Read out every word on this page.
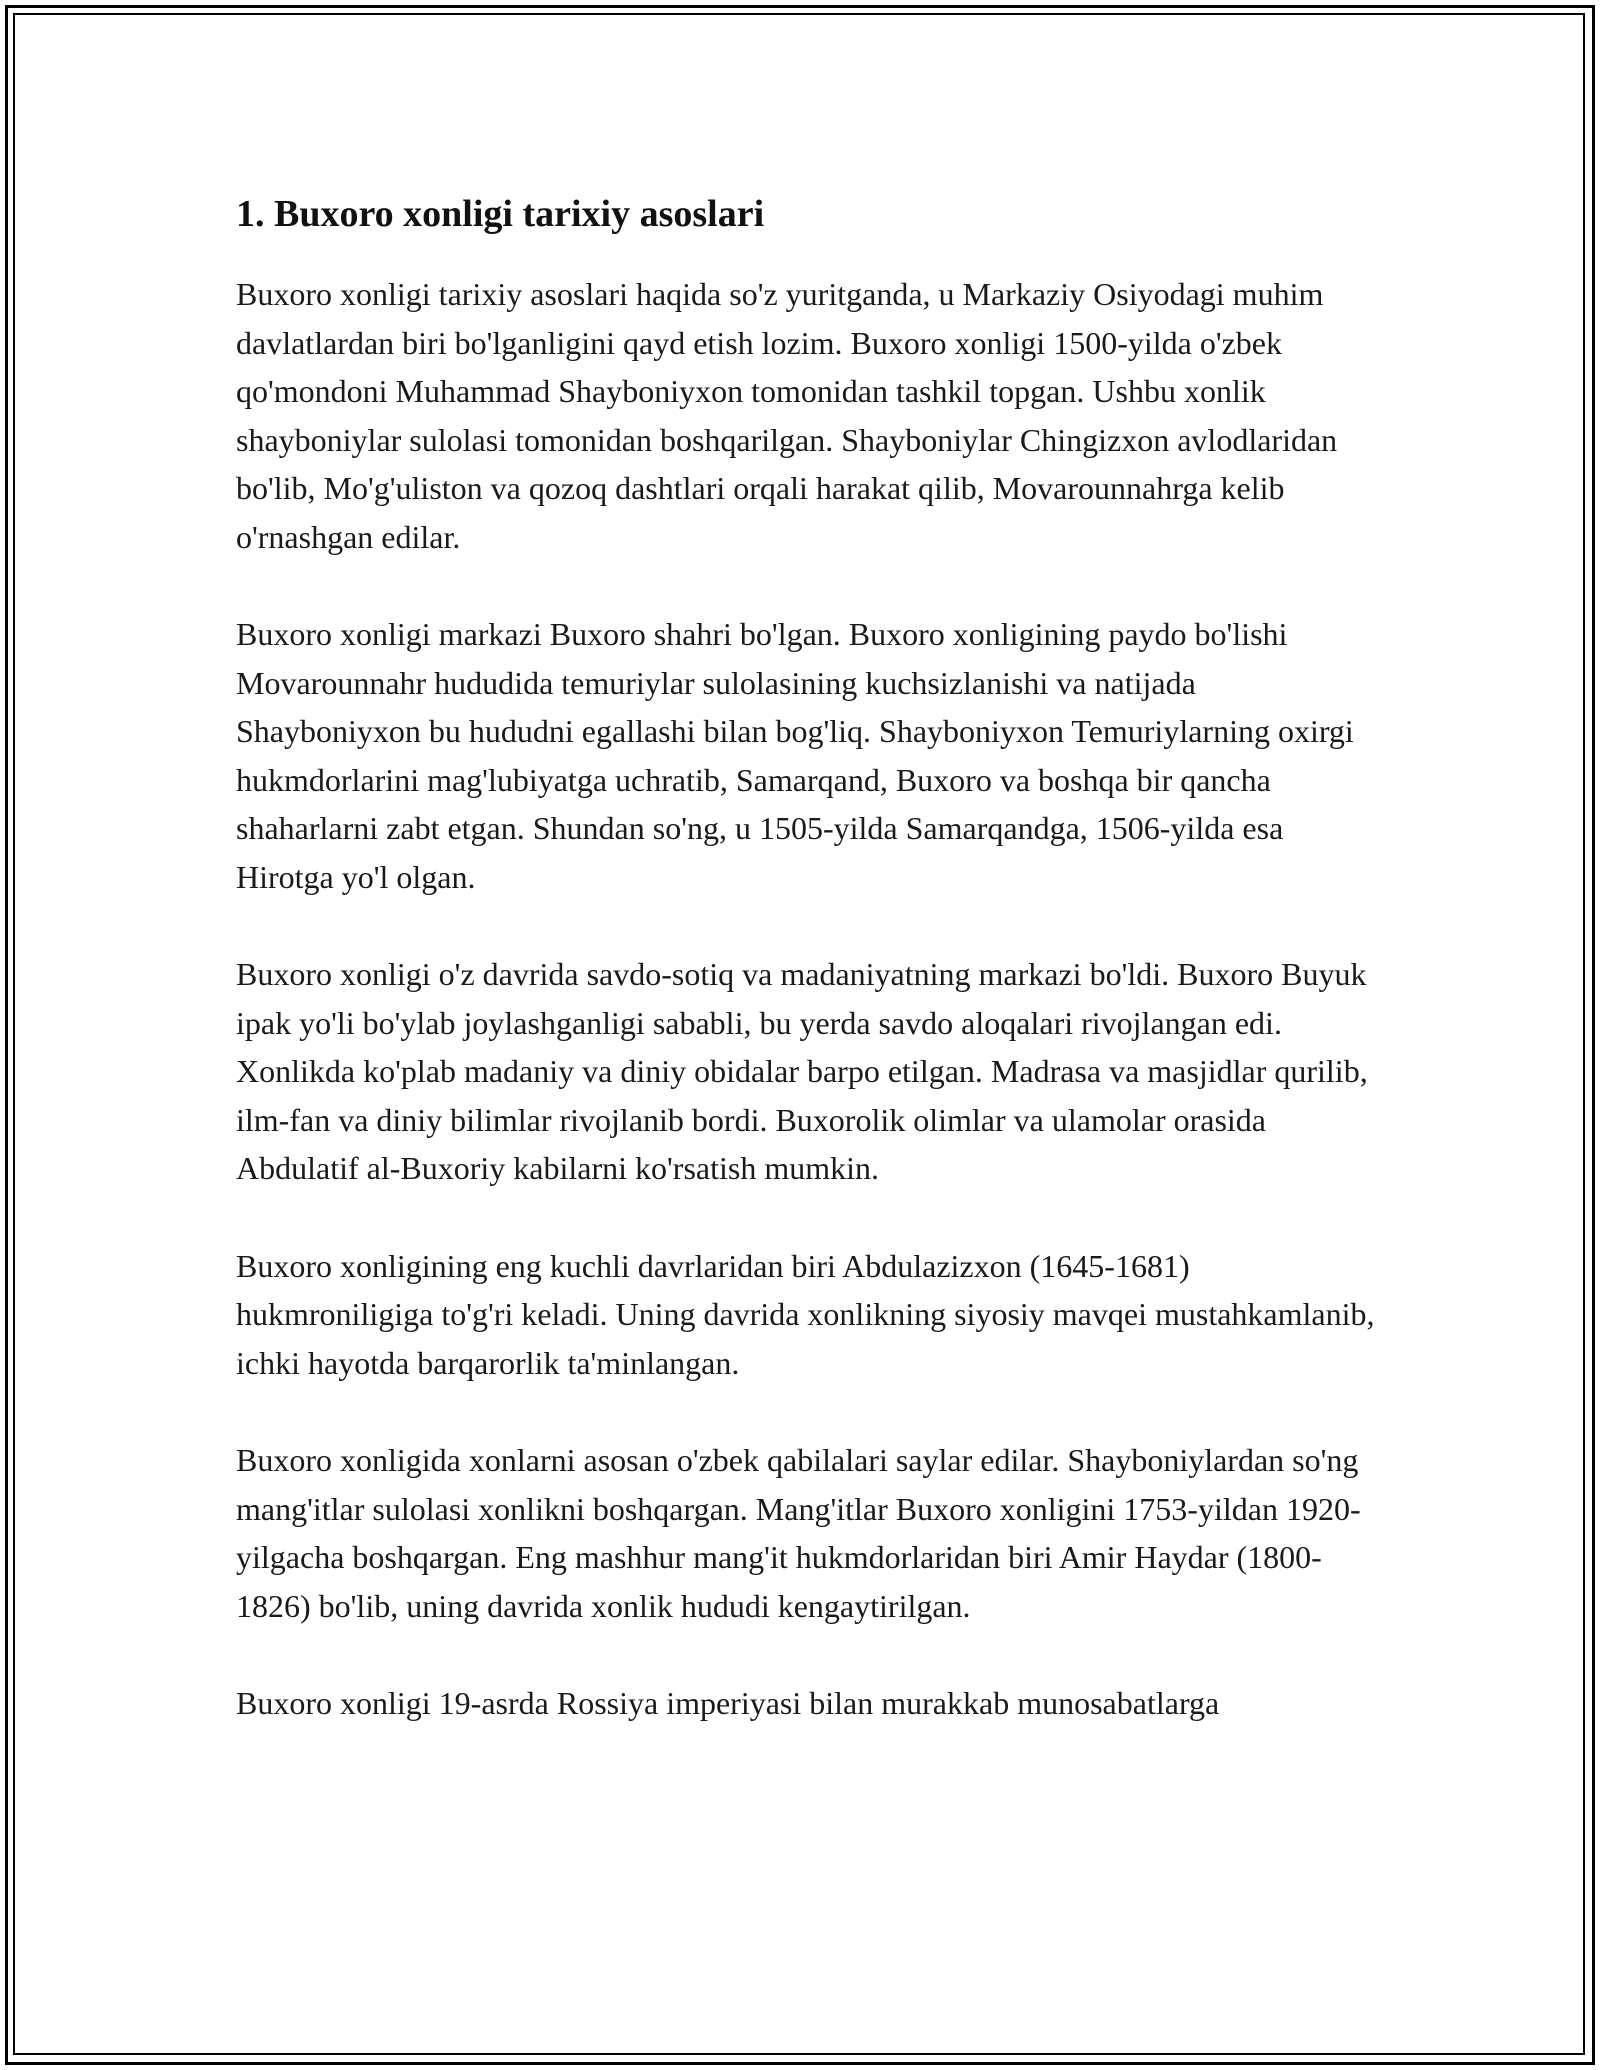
1. Buxoro xonligi tarixiy asoslari

Buxoro xonligi tarixiy asoslari haqida so'z yuritganda, u Markaziy Osiyodagi muhim davlatlardan biri bo'lganligini qayd etish lozim. Buxoro xonligi 1500-yilda o'zbek qo'mondoni Muhammad Shayboniyxon tomonidan tashkil topgan. Ushbu xonlik shayboniylar sulolasi tomonidan boshqarilgan. Shayboniylar Chingizxon avlodlaridan bo'lib, Mo'g'uliston va qozoq dashtlari orqali harakat qilib, Movarounnahrga kelib o'rnashgan edilar.

Buxoro xonligi markazi Buxoro shahri bo'lgan. Buxoro xonligining paydo bo'lishi Movarounnahr hududida temuriylar sulolasining kuchsizlanishi va natijada Shayboniyxon bu hududni egallashi bilan bog'liq. Shayboniyxon Temuriylarning oxirgi hukmdorlarini mag'lubiyatga uchratib, Samarqand, Buxoro va boshqa bir qancha shaharlarni zabt etgan. Shundan so'ng, u 1505-yilda Samarqandga, 1506-yilda esa Hirotga yo'l olgan.

Buxoro xonligi o'z davrida savdo-sotiq va madaniyatning markazi bo'ldi. Buxoro Buyuk ipak yo'li bo'ylab joylashganligi sababli, bu yerda savdo aloqalari rivojlangan edi. Xonlikda ko'plab madaniy va diniy obidalar barpo etilgan. Madrasa va masjidlar qurilib, ilm-fan va diniy bilimlar rivojlanib bordi. Buxorolik olimlar va ulamolar orasida Abdulatif al-Buxoriy kabilarni ko'rsatish mumkin.

Buxoro xonligining eng kuchli davrlaridan biri Abdulazizxon (1645-1681) hukmroniligiga to'g'ri keladi. Uning davrida xonlikning siyosiy mavqei mustahkamlanib, ichki hayotda barqarorlik ta'minlangan.

Buxoro xonligida xonlarni asosan o'zbek qabilalari saylar edilar. Shayboniylardan so'ng mang'itlar sulolasi xonlikni boshqargan. Mang'itlar Buxoro xonligini 1753-yildan 1920-yilgacha boshqargan. Eng mashhur mang'it hukmdorlaridan biri Amir Haydar (1800-1826) bo'lib, uning davrida xonlik hududi kengaytirilgan.

Buxoro xonligi 19-asrda Rossiya imperiyasi bilan murakkab munosabatlarga
